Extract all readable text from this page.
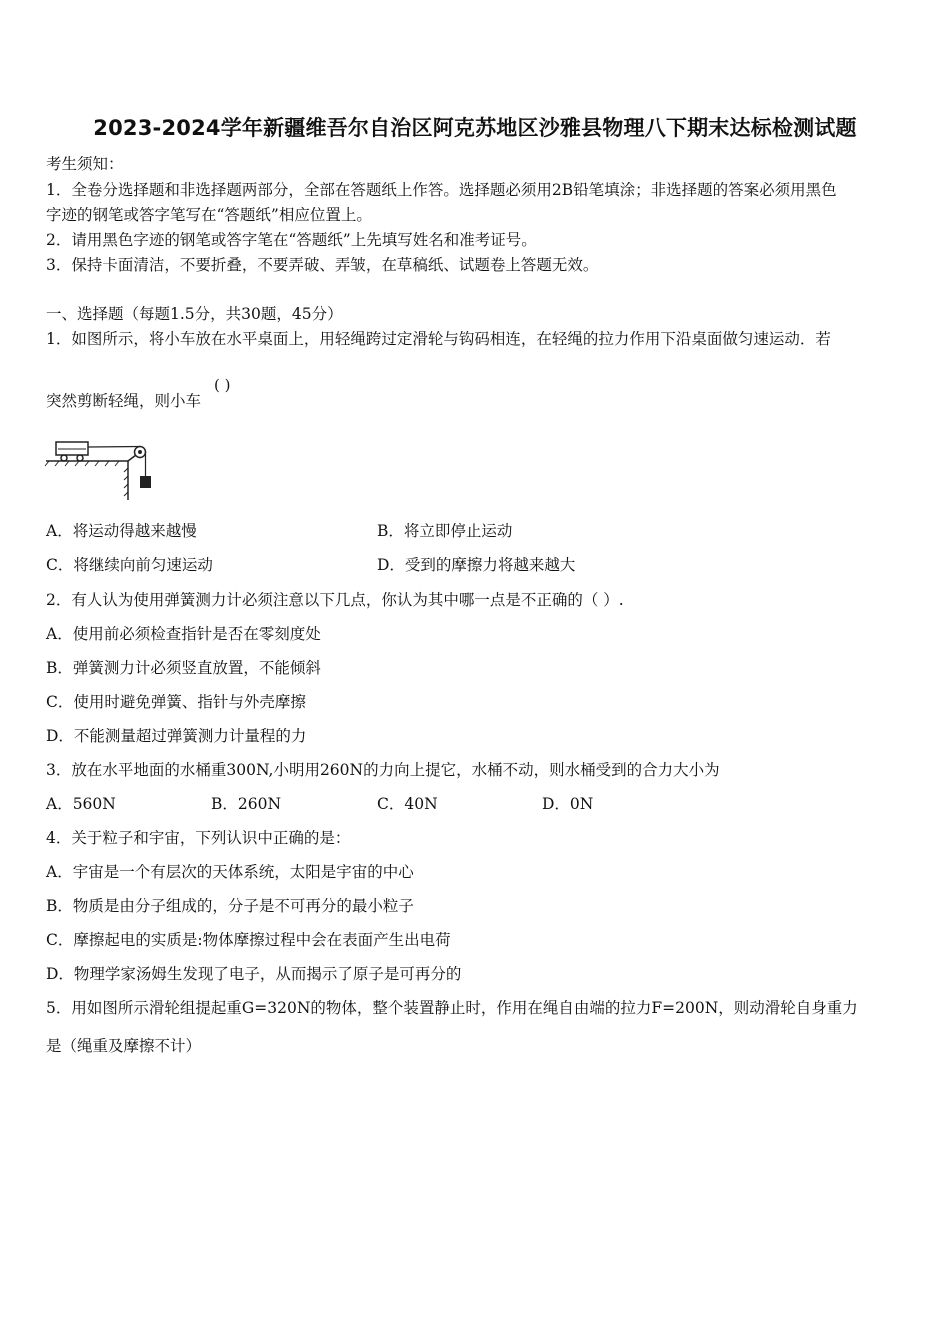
2023-2024学年新疆维吾尔自治区阿克苏地区沙雅县物理八下期末达标检测试题
考生须知：
1．全卷分选择题和非选择题两部分，全部在答题纸上作答。选择题必须用2B铅笔填涂；非选择题的答案必须用黑色
字迹的钢笔或答字笔写在“答题纸”相应位置上。
2．请用黑色字迹的钢笔或答字笔在“答题纸”上先填写姓名和准考证号。
3．保持卡面清洁，不要折叠，不要弄破、弄皱，在草稿纸、试题卷上答题无效。
一、选择题（每题1.5分，共30题，45分）
1．如图所示，将小车放在水平桌面上，用轻绳跨过定滑轮与钩码相连，在轻绳的拉力作用下沿桌面做匀速运动．若
突然剪断轻绳，则小车
( )
A．将运动得越来越慢	B．将立即停止运动
C．将继续向前匀速运动	D．受到的摩擦力将越来越大
2．有人认为使用弹簧测力计必须注意以下几点，你认为其中哪一点是不正确的（ ）.
A．使用前必须检查指针是否在零刻度处
B．弹簧测力计必须竖直放置，不能倾斜
C．使用时避免弹簧、指针与外壳摩擦
D．不能测量超过弹簧测力计量程的力
3．放在水平地面的水桶重300N,小明用260N的力向上提它，水桶不动，则水桶受到的合力大小为
A．560N	B．260N	C．40N	D．0N
4．关于粒子和宇宙，下列认识中正确的是：
A．宇宙是一个有层次的天体系统，太阳是宇宙的中心
B．物质是由分子组成的，分子是不可再分的最小粒子
C．摩擦起电的实质是:物体摩擦过程中会在表面产生出电荷
D．物理学家汤姆生发现了电子，从而揭示了原子是可再分的
5．用如图所示滑轮组提起重G=320N的物体，整个装置静止时，作用在绳自由端的拉力F=200N，则动滑轮自身重力
是（绳重及摩擦不计）
